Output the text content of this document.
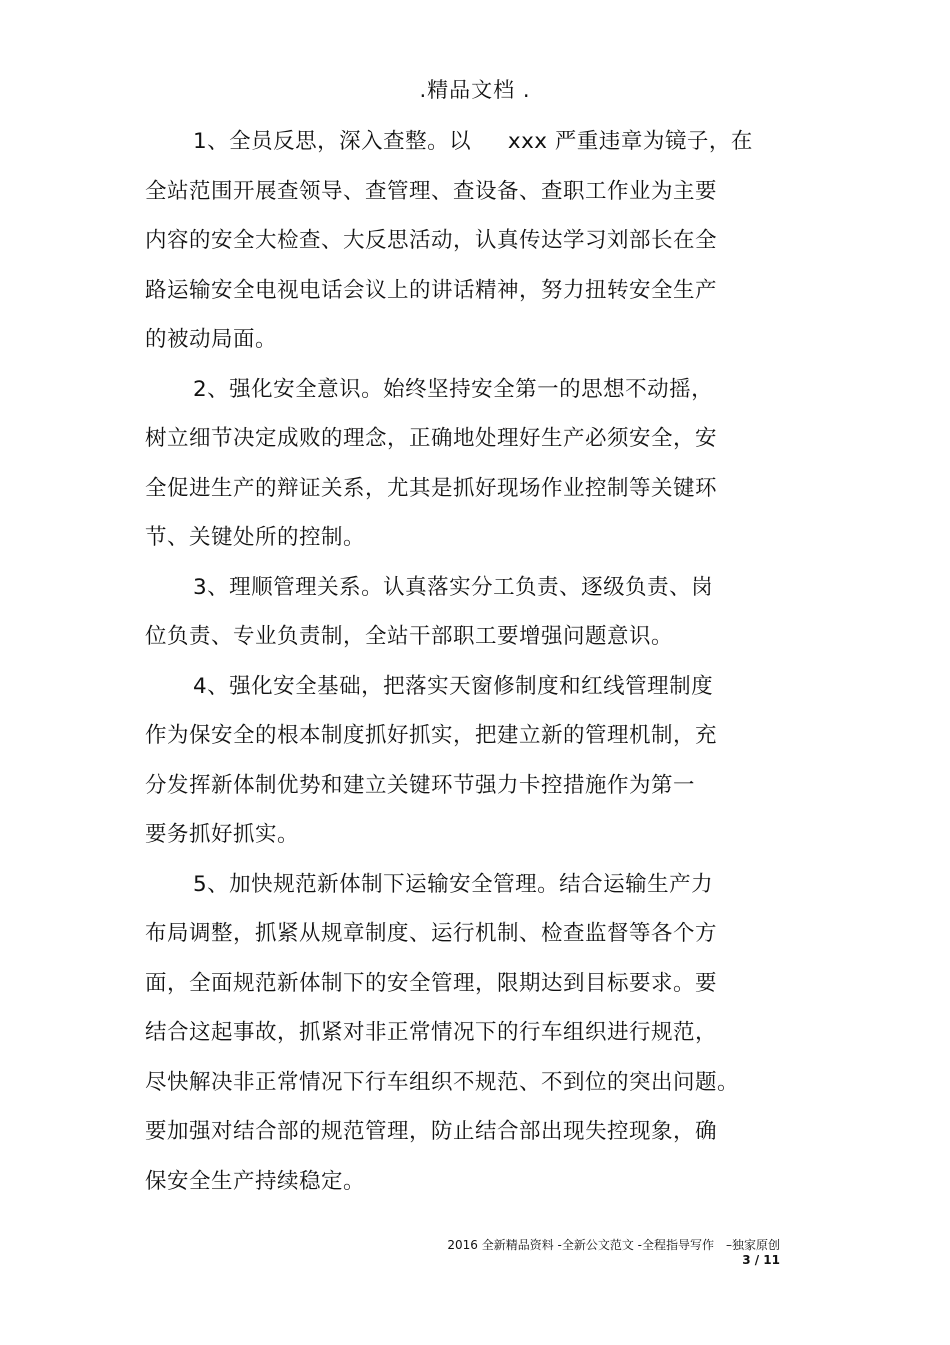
.精品文档 .
1、全员反思，深入查整。以 　 xxx 严重违章为镜子，在
全站范围开展查领导、查管理、查设备、查职工作业为主要
内容的安全大检查、大反思活动，认真传达学习刘部长在全
路运输安全电视电话会议上的讲话精神，努力扭转安全生产
的被动局面。
2、强化安全意识。始终坚持安全第一的思想不动摇，
树立细节决定成败的理念，正确地处理好生产必须安全，安
全促进生产的辩证关系，尤其是抓好现场作业控制等关键环
节、关键处所的控制。
3、理顺管理关系。认真落实分工负责、逐级负责、岗
位负责、专业负责制，全站干部职工要增强问题意识。
4、强化安全基础，把落实天窗修制度和红线管理制度
作为保安全的根本制度抓好抓实，把建立新的管理机制，充
分发挥新体制优势和建立关键环节强力卡控措施作为第一
要务抓好抓实。
5、加快规范新体制下运输安全管理。结合运输生产力
布局调整，抓紧从规章制度、运行机制、检查监督等各个方
面，全面规范新体制下的安全管理，限期达到目标要求。要
结合这起事故，抓紧对非正常情况下的行车组织进行规范，
尽快解决非正常情况下行车组织不规范、不到位的突出问题。
要加强对结合部的规范管理，防止结合部出现失控现象，确
保安全生产持续稳定。
2016 全新精品资料 -全新公文范文 -全程指导写作　–独家原创
3 / 11
